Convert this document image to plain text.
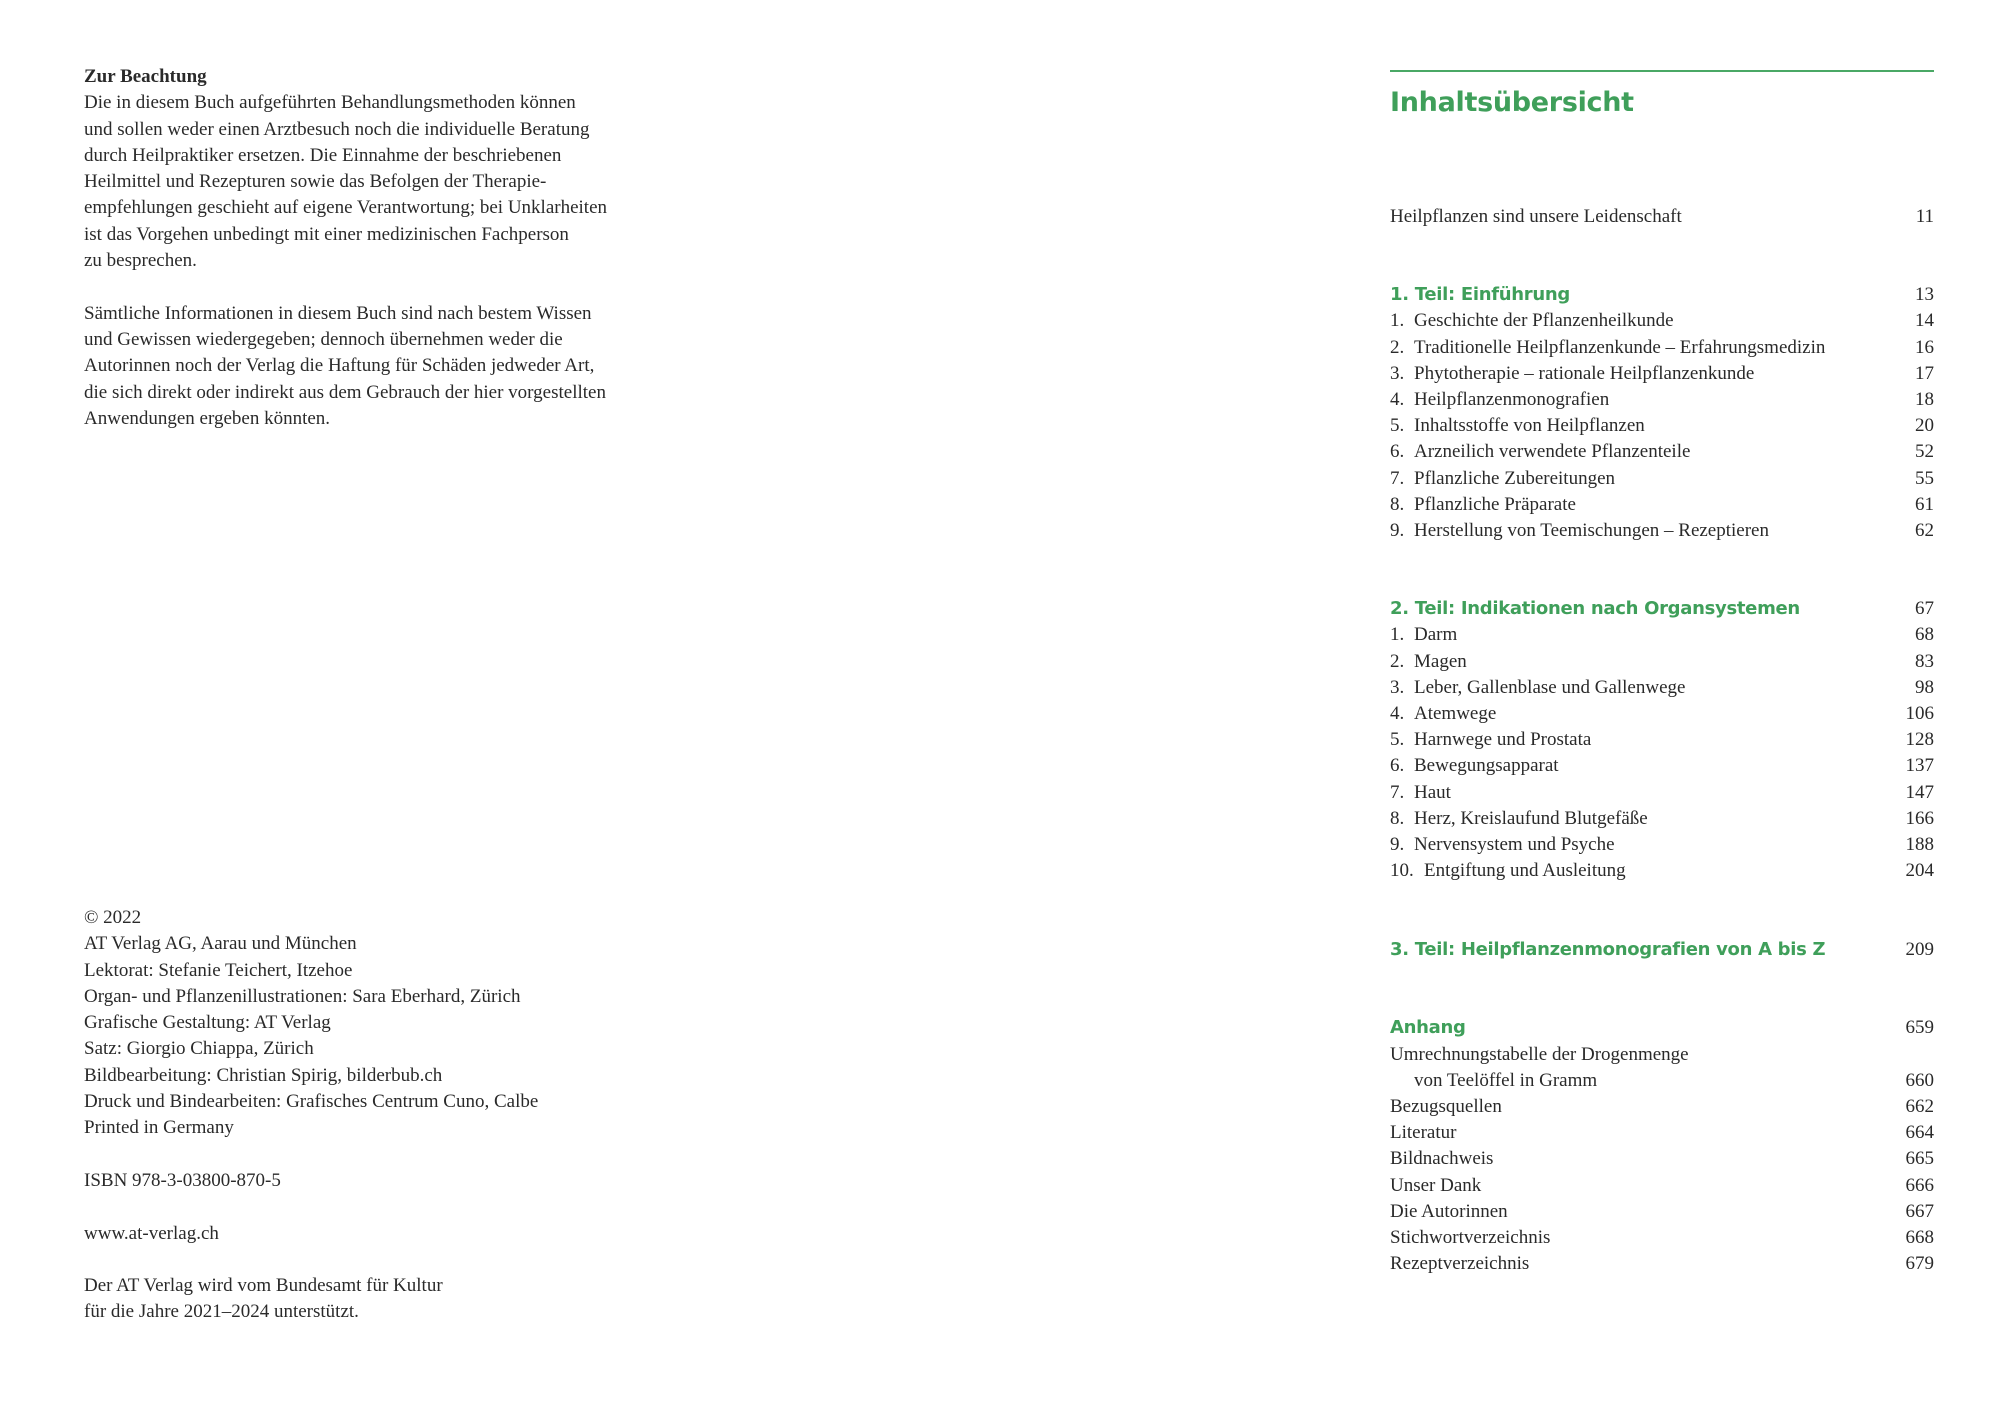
Zur Beachtung
Die in diesem Buch aufgeführten Behandlungsmethoden können
und sollen weder einen Arztbesuch noch die individuelle Beratung
durch Heilpraktiker ersetzen. Die Einnahme der beschriebenen
Heilmittel und Rezepturen sowie das Befolgen der Therapie-
empfehlungen geschieht auf eigene Verantwortung; bei Unklarheiten
ist das Vorgehen unbedingt mit einer medizinischen Fachperson
zu besprechen.
Sämtliche Informationen in diesem Buch sind nach bestem Wissen
und Gewissen wiedergegeben; dennoch übernehmen weder die
Autorinnen noch der Verlag die Haftung für Schäden jedweder Art,
die sich direkt oder indirekt aus dem Gebrauch der hier vorgestellten
Anwendungen ergeben könnten.
© 2022
AT Verlag AG, Aarau und München
Lektorat: Stefanie Teichert, Itzehoe
Organ- und Pflanzenillustrationen: Sara Eberhard, Zürich
Grafische Gestaltung: AT Verlag
Satz: Giorgio Chiappa, Zürich
Bildbearbeitung: Christian Spirig, bilderbub.ch
Druck und Bindearbeiten: Grafisches Centrum Cuno, Calbe
Printed in Germany
ISBN 978-3-03800-870-5
www.at-verlag.ch
Der AT Verlag wird vom Bundesamt für Kultur
für die Jahre 2021–2024 unterstützt.
Inhaltsübersicht
Heilpflanzen sind unsere Leidenschaft	11
1. Teil: Einführung	13
1. Geschichte der Pflanzenheilkunde	14
2. Traditionelle Heilpflanzenkunde – Erfahrungsmedizin	16
3. Phytotherapie – rationale Heilpflanzenkunde	17
4. Heilpflanzenmonografien	18
5. Inhaltsstoffe von Heilpflanzen	20
6. Arzneilich verwendete Pflanzenteile	52
7. Pflanzliche Zubereitungen	55
8. Pflanzliche Präparate	61
9. Herstellung von Teemischungen – Rezeptieren	62
2. Teil: Indikationen nach Organsystemen	67
1. Darm	68
2. Magen	83
3. Leber, Gallenblase und Gallenwege	98
4. Atemwege	106
5. Harnwege und Prostata	128
6. Bewegungsapparat	137
7. Haut	147
8. Herz, Kreislaufund Blutgefäße	166
9. Nervensystem und Psyche	188
10. Entgiftung und Ausleitung	204
3. Teil: Heilpflanzenmonografien von A bis Z	209
Anhang	659
Umrechnungstabelle der Drogenmenge
von Teelöffel in Gramm	660
Bezugsquellen	662
Literatur	664
Bildnachweis	665
Unser Dank	666
Die Autorinnen	667
Stichwortverzeichnis	668
Rezeptverzeichnis	679
